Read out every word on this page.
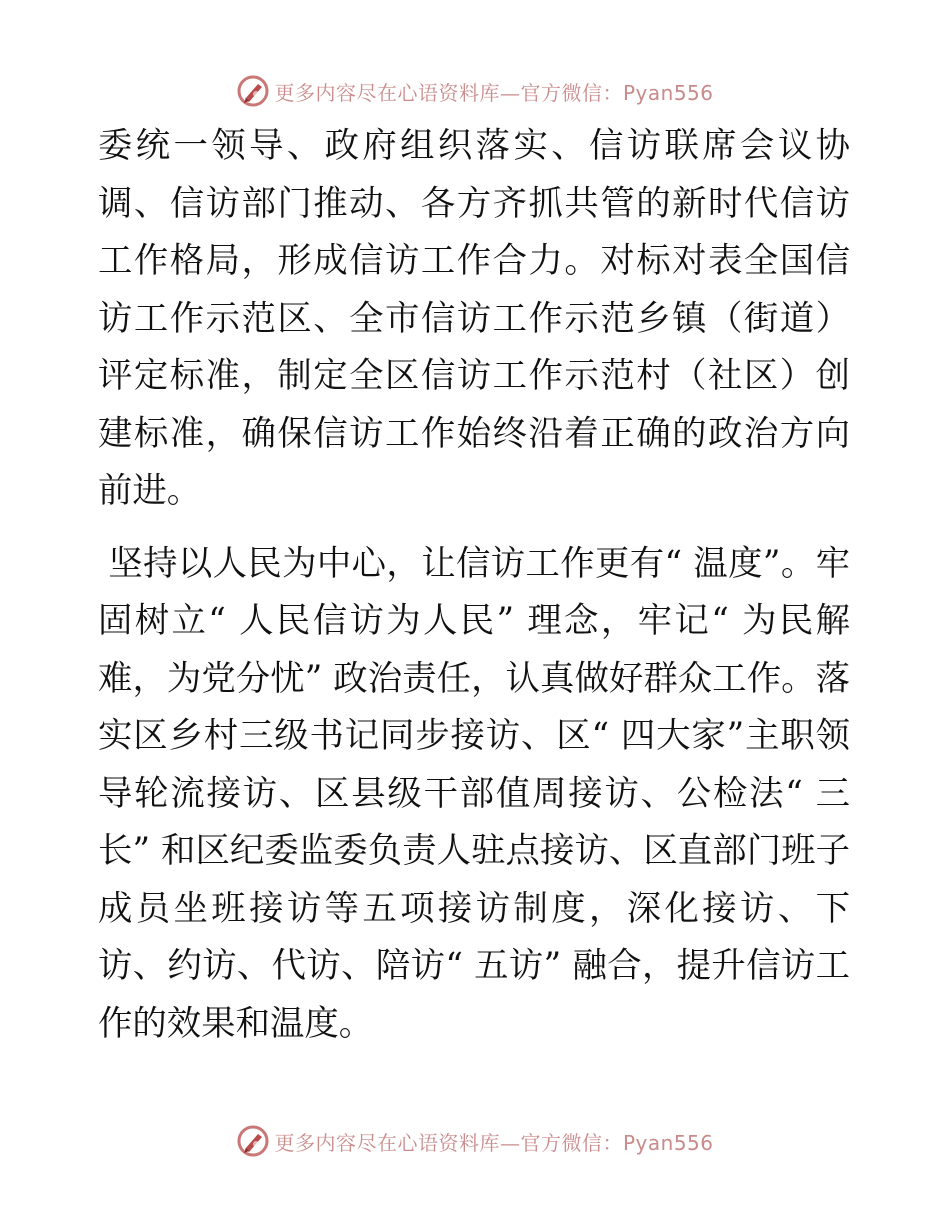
更多内容尽在心语资料库—官方微信：Pyan556

委统一领导、政府组织落实、信访联席会议协调、信访部门推动、各方齐抓共管的新时代信访工作格局，形成信访工作合力。对标对表全国信访工作示范区、全市信访工作示范乡镇（街道）评定标准，制定全区信访工作示范村（社区）创建标准，确保信访工作始终沿着正确的政治方向前进。

坚持以人民为中心，让信访工作更有“ 温度”。牢固树立“ 人民信访为人民” 理念，牢记“ 为民解难，为党分忧” 政治责任，认真做好群众工作。落实区乡村三级书记同步接访、区“ 四大家”主职领导轮流接访、区县级干部值周接访、公检法“ 三长” 和区纪委监委负责人驻点接访、区直部门班子成员坐班接访等五项接访制度，深化接访、下访、约访、代访、陪访“ 五访” 融合，提升信访工作的效果和温度。

更多内容尽在心语资料库—官方微信：Pyan556
